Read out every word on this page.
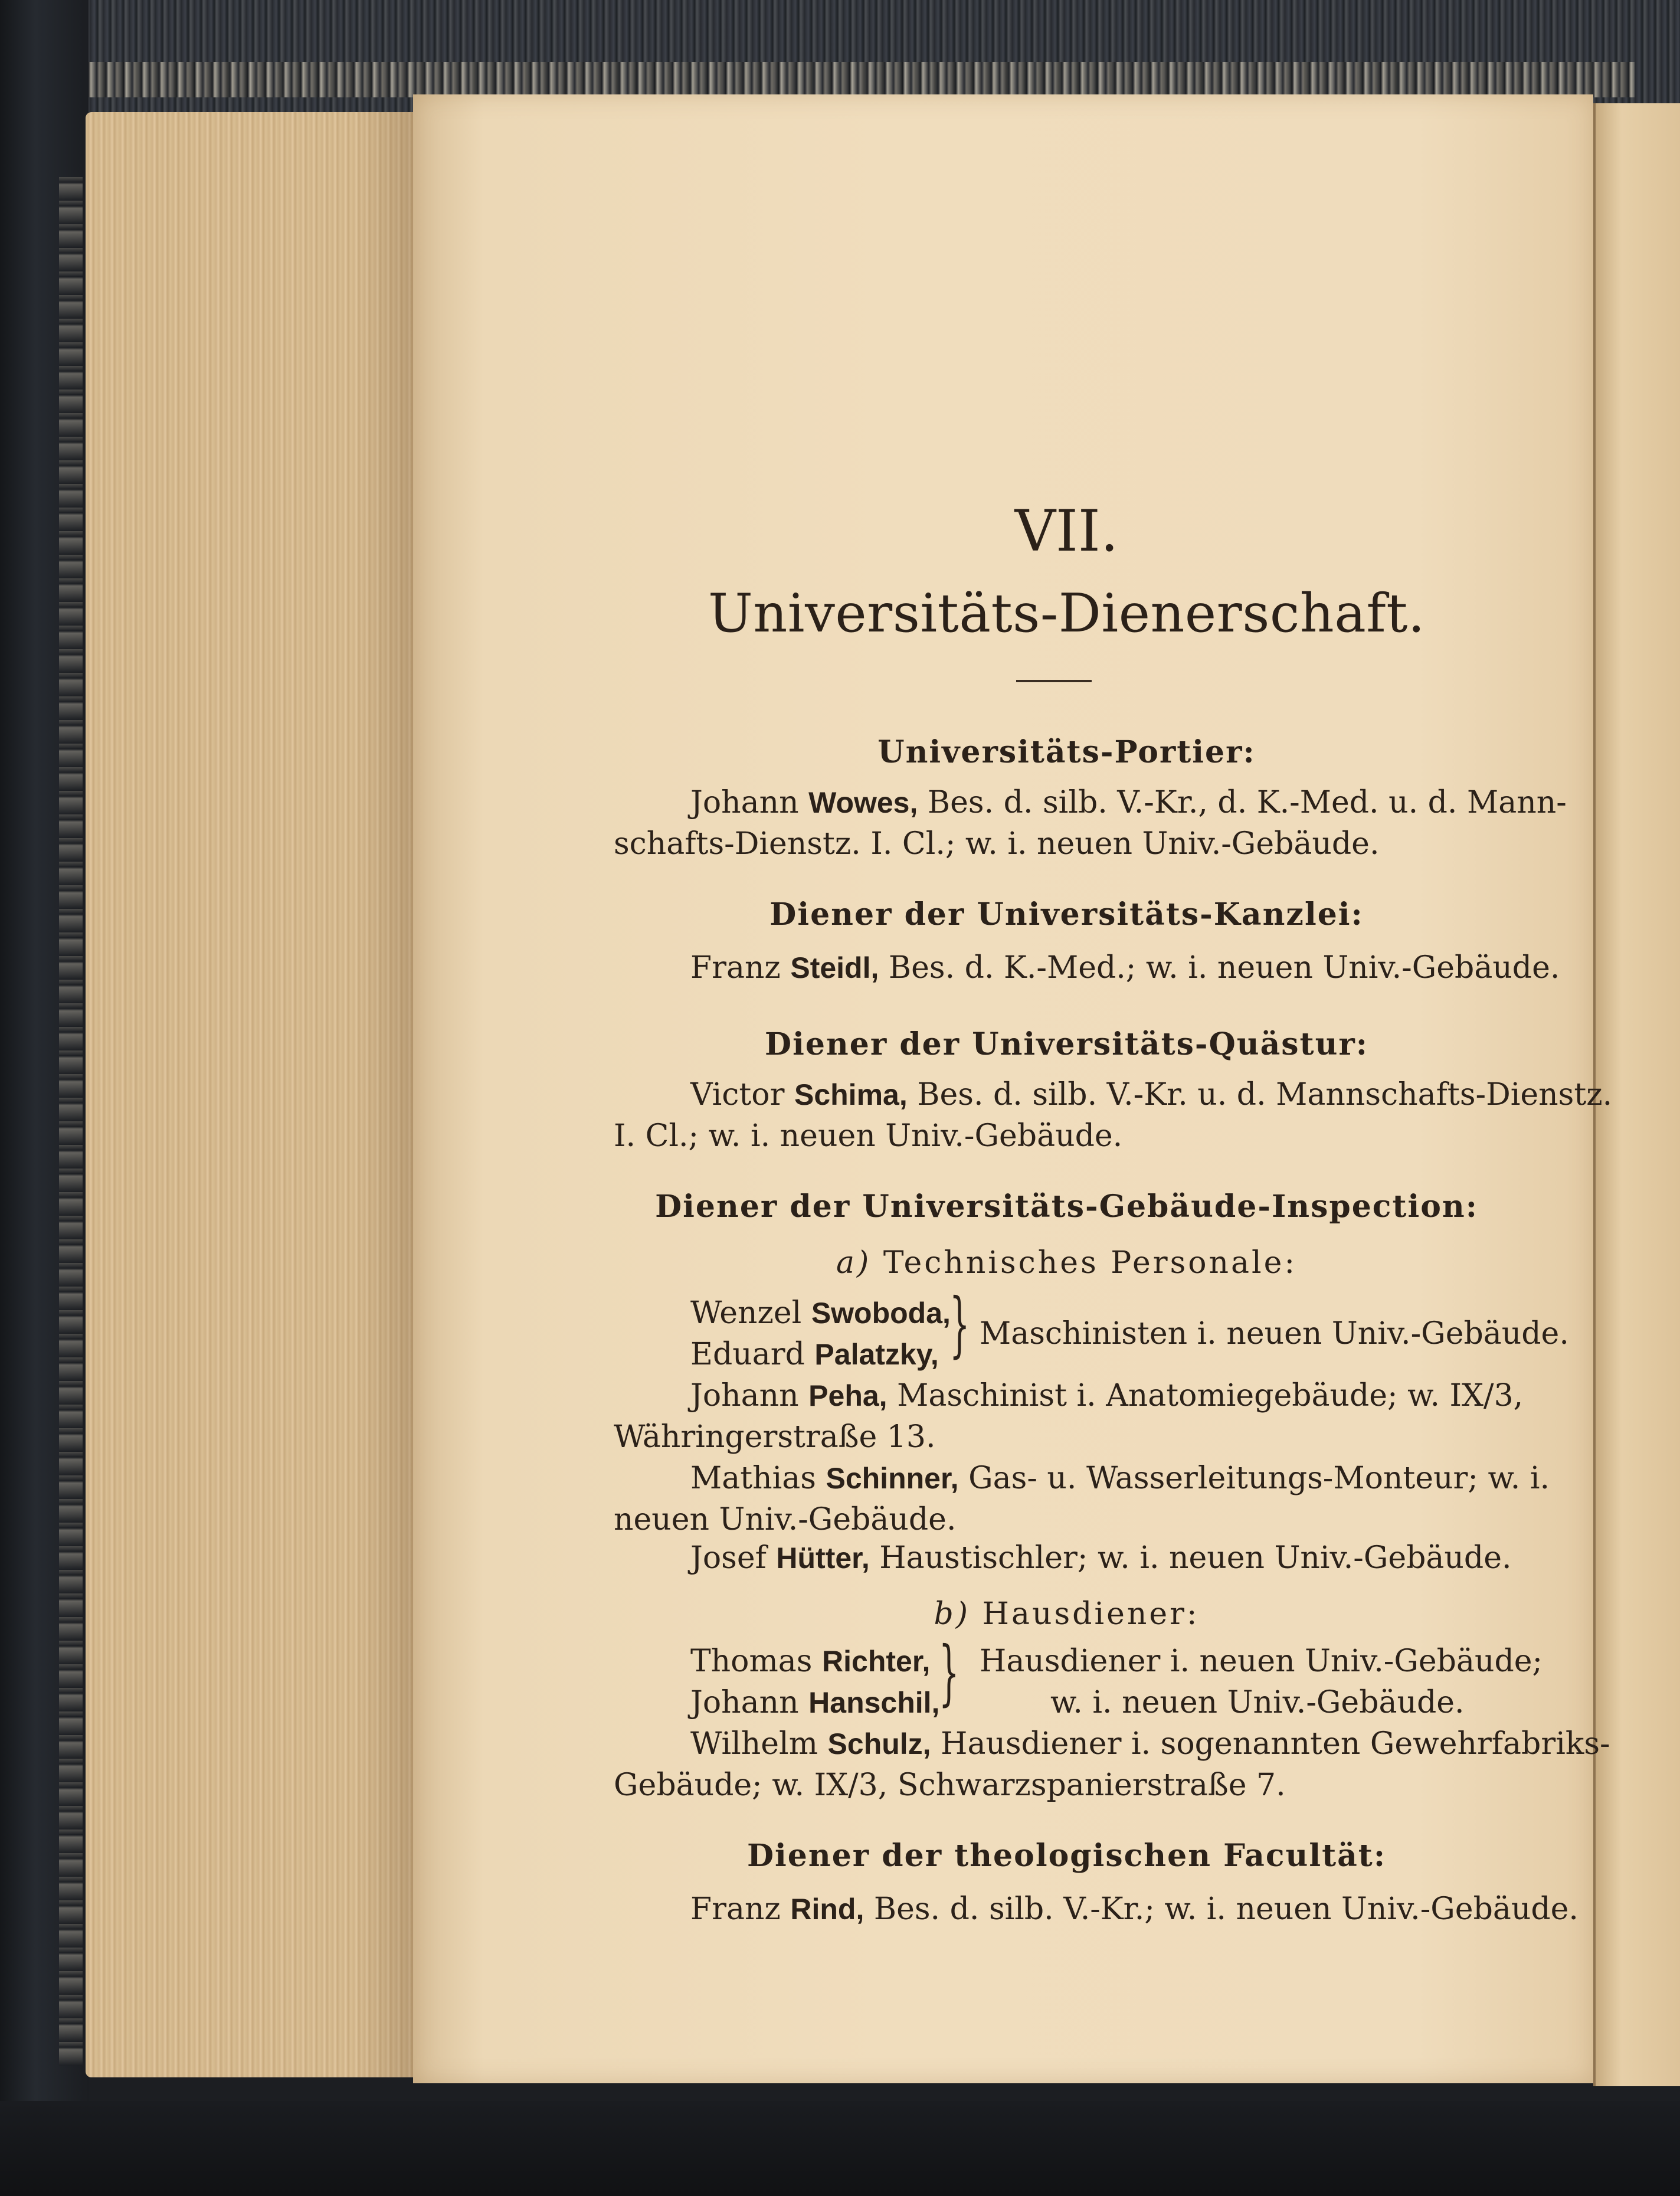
VII.
Universitäts-Dienerschaft.
Universitäts-Portier:
Johann Wowes, Bes. d. silb. V.-Kr., d. K.-Med. u. d. Mann-
schafts-Dienstz. I. Cl.; w. i. neuen Univ.-Gebäude.
Diener der Universitäts-Kanzlei:
Franz Steidl, Bes. d. K.-Med.; w. i. neuen Univ.-Gebäude.
Diener der Universitäts-Quästur:
Victor Schima, Bes. d. silb. V.-Kr. u. d. Mannschafts-Dienstz.
I. Cl.; w. i. neuen Univ.-Gebäude.
Diener der Universitäts-Gebäude-Inspection:
a) Technisches Personale:
Wenzel Swoboda,
Eduard Palatzky, } Maschinisten i. neuen Univ.-Gebäude.
Johann Peha, Maschinist i. Anatomiegebäude; w. IX/3,
Währingerstraße 13.
Mathias Schinner, Gas- u. Wasserleitungs-Monteur; w. i.
neuen Univ.-Gebäude.
Josef Hütter, Haustischler; w. i. neuen Univ.-Gebäude.
b) Hausdiener:
Thomas Richter,
Johann Hanschil,
} Hausdiener i. neuen Univ.-Gebäude;
w. i. neuen Univ.-Gebäude.
Wilhelm Schulz, Hausdiener i. sogenannten Gewehrfabriks-
Gebäude; w. IX/3, Schwarzspanierstraße 7.
Diener der theologischen Facultät:
Franz Rind, Bes. d. silb. V.-Kr.; w. i. neuen Univ.-Gebäude.
